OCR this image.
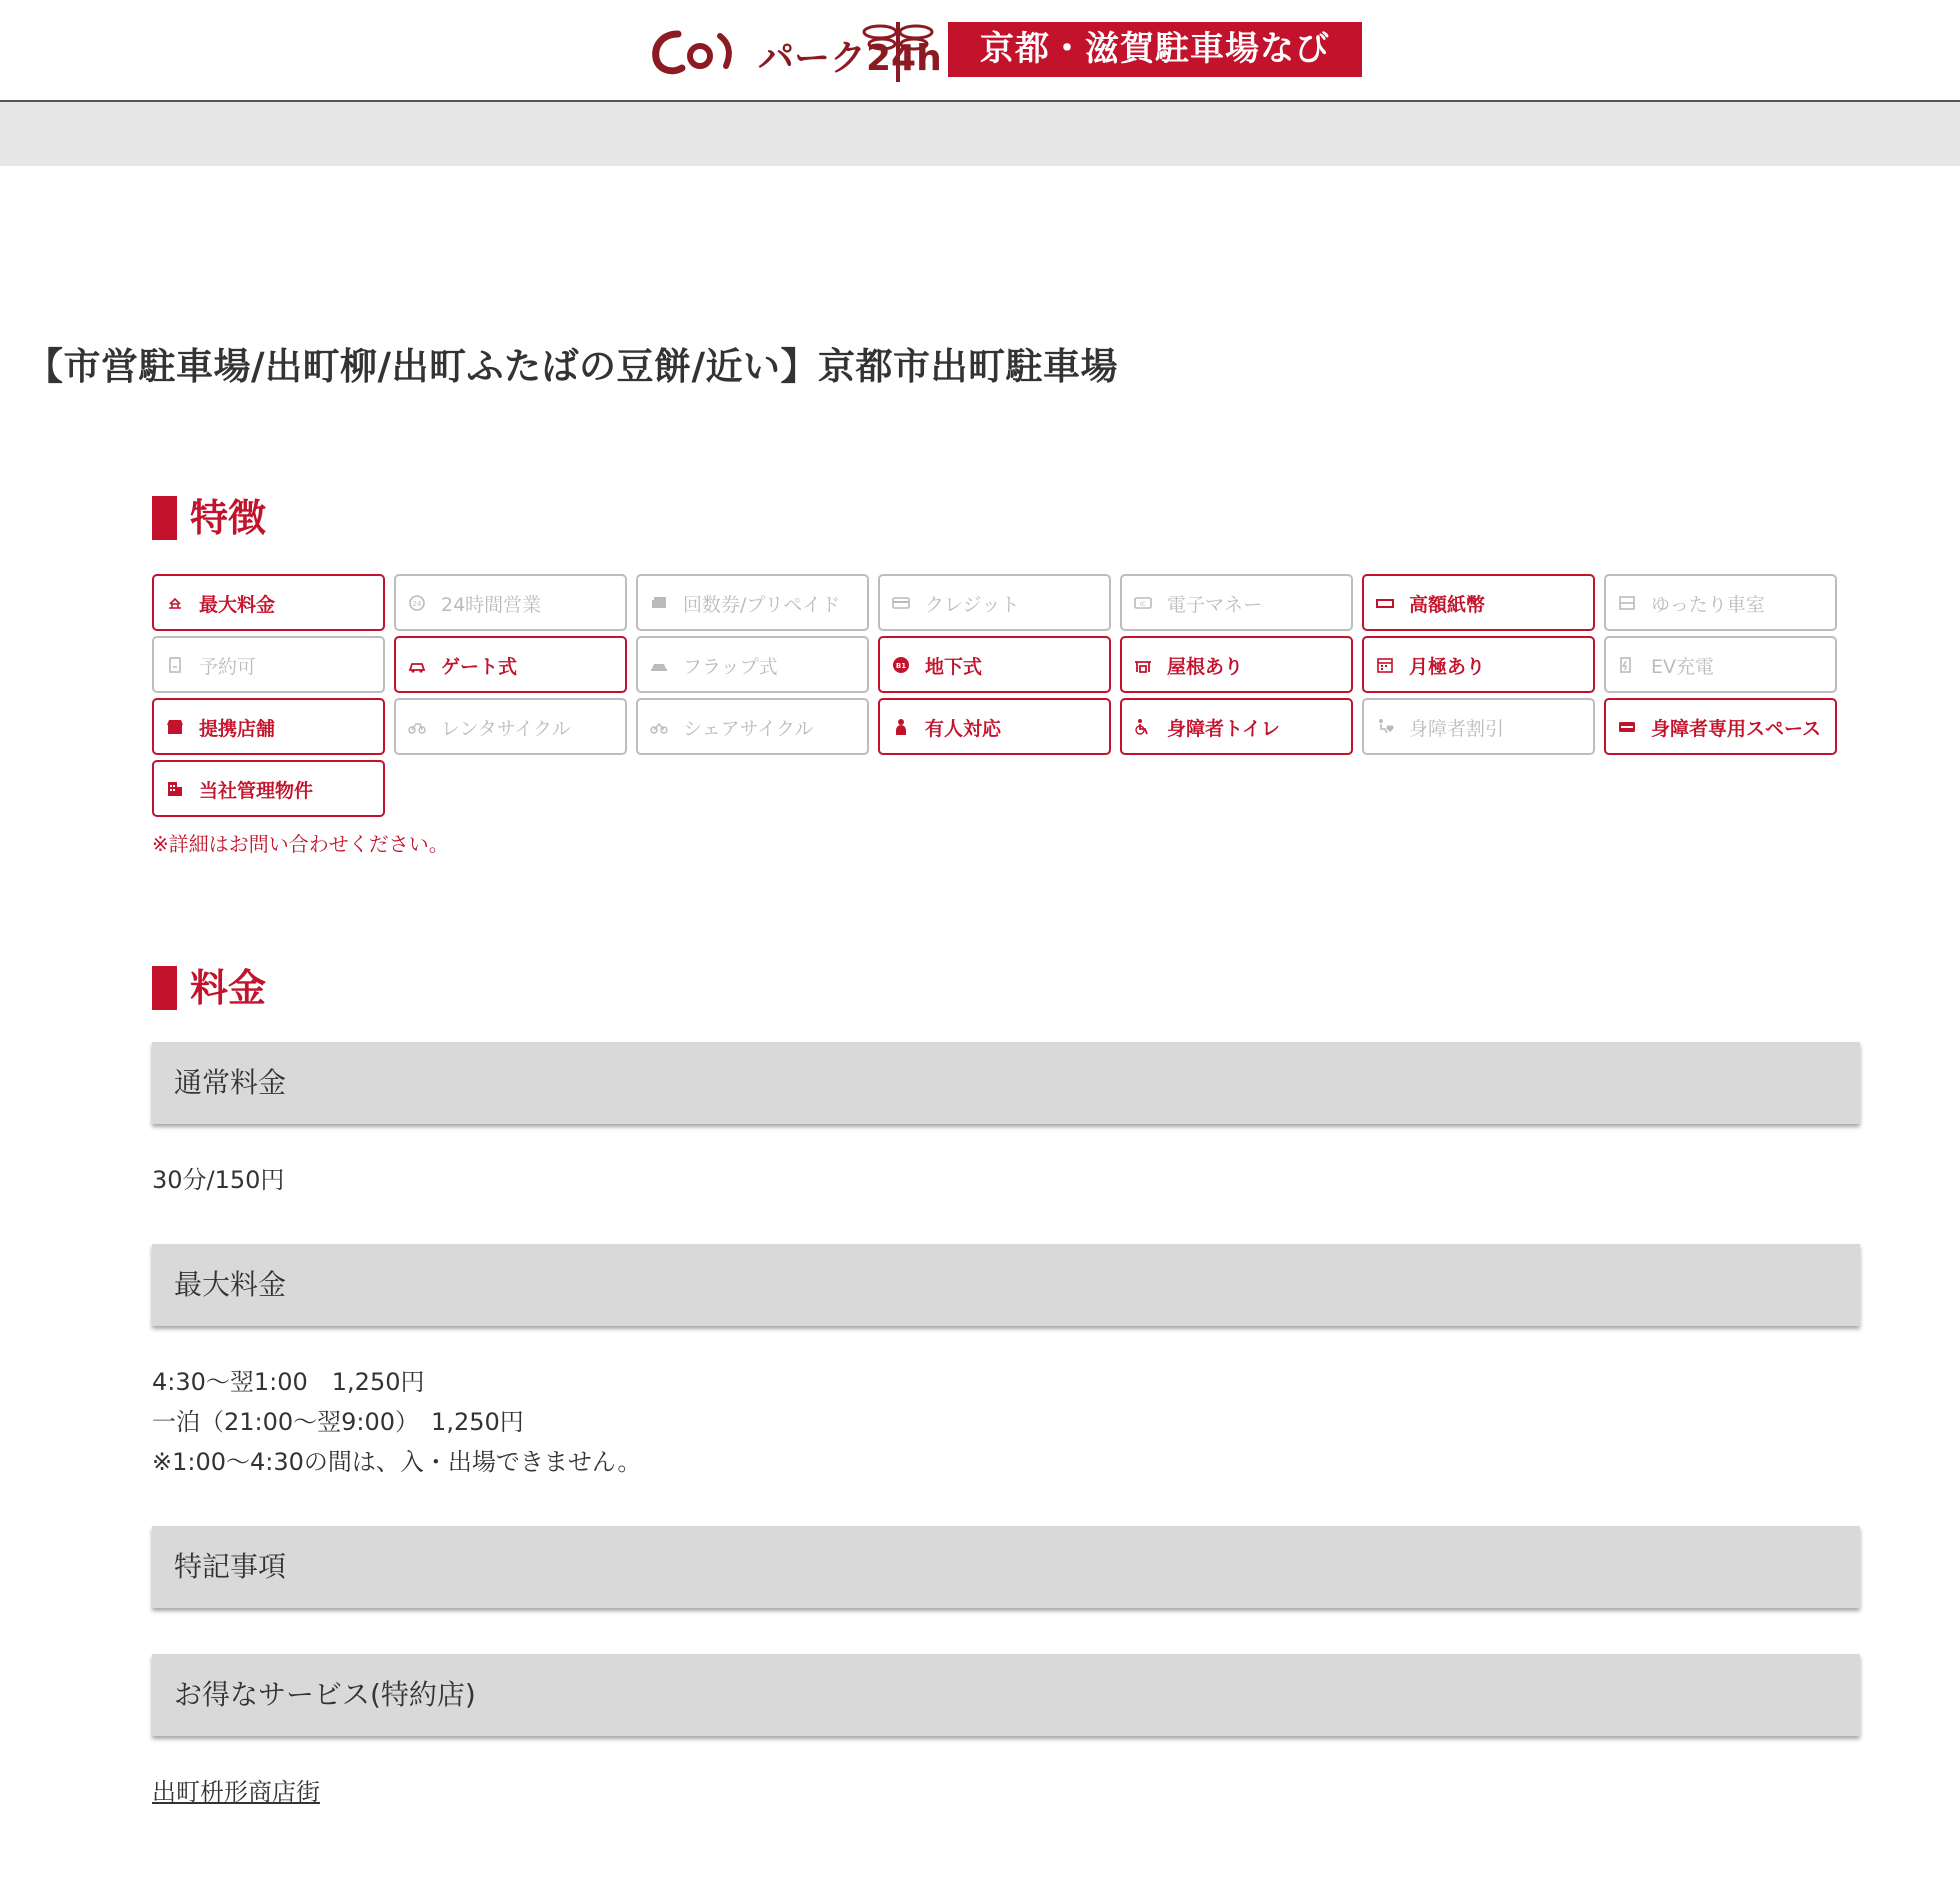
パーク24h	京都・滋賀駐車場なび
【市営駐車場/出町柳/出町ふたばの豆餅/近い】京都市出町駐車場
特徴
最大料金	24 24時間営業	回数券/プリペイド	クレジット	IC 電子マネー	高額紙幣	ゆったり車室
予約可	ゲート式	フラップ式	B1 地下式	屋根あり	月極あり	EV充電
提携店舗	レンタサイクル	シェアサイクル	有人対応	身障者トイレ	身障者割引	身障者専用スペース
当社管理物件

※詳細はお問い合わせください。

料金
通常料金

30分/150円

最大料金

4:30〜翌1:00　1,250円

一泊（21:00〜翌9:00）　1,250円

※1:00〜4:30の間は、入・出場できません。

特記事項
お得なサービス(特約店)
出町枡形商店街
